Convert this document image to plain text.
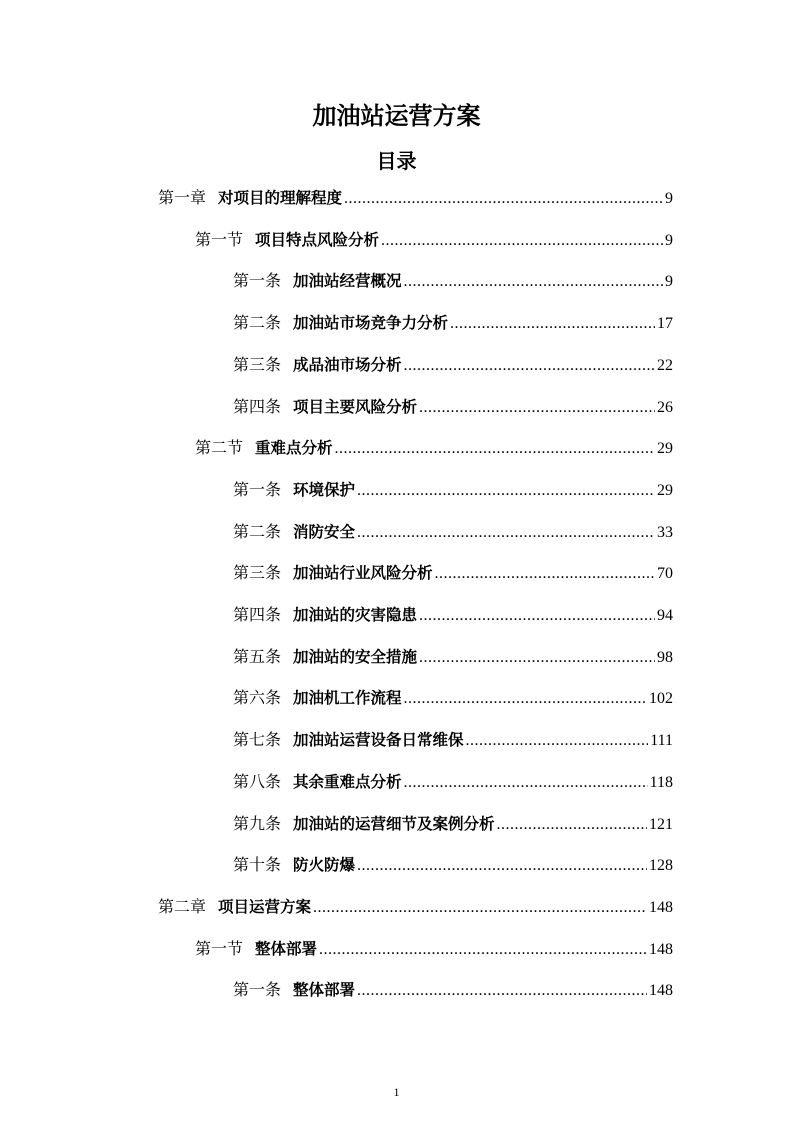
加油站运营方案
目录
第一章 对项目的理解程度 .....	9
第一节 项目特点风险分析 .....	9
第一条 加油站经营概况 .....	9
第二条 加油站市场竞争力分析 .....	17
第三条 成品油市场分析 .....	22
第四条 项目主要风险分析 .....	26
第二节 重难点分析 .....	29
第一条 环境保护 .....	29
第二条 消防安全 .....	33
第三条 加油站行业风险分析 .....	70
第四条 加油站的灾害隐患 .....	94
第五条 加油站的安全措施 .....	98
第六条 加油机工作流程 .....	102
第七条 加油站运营设备日常维保 .....	111
第八条 其余重难点分析 .....	118
第九条 加油站的运营细节及案例分析 .....	121
第十条 防火防爆 .....	128
第二章 项目运营方案 .....	148
第一节 整体部署 .....	148
第一条 整体部署 .....	148
1
